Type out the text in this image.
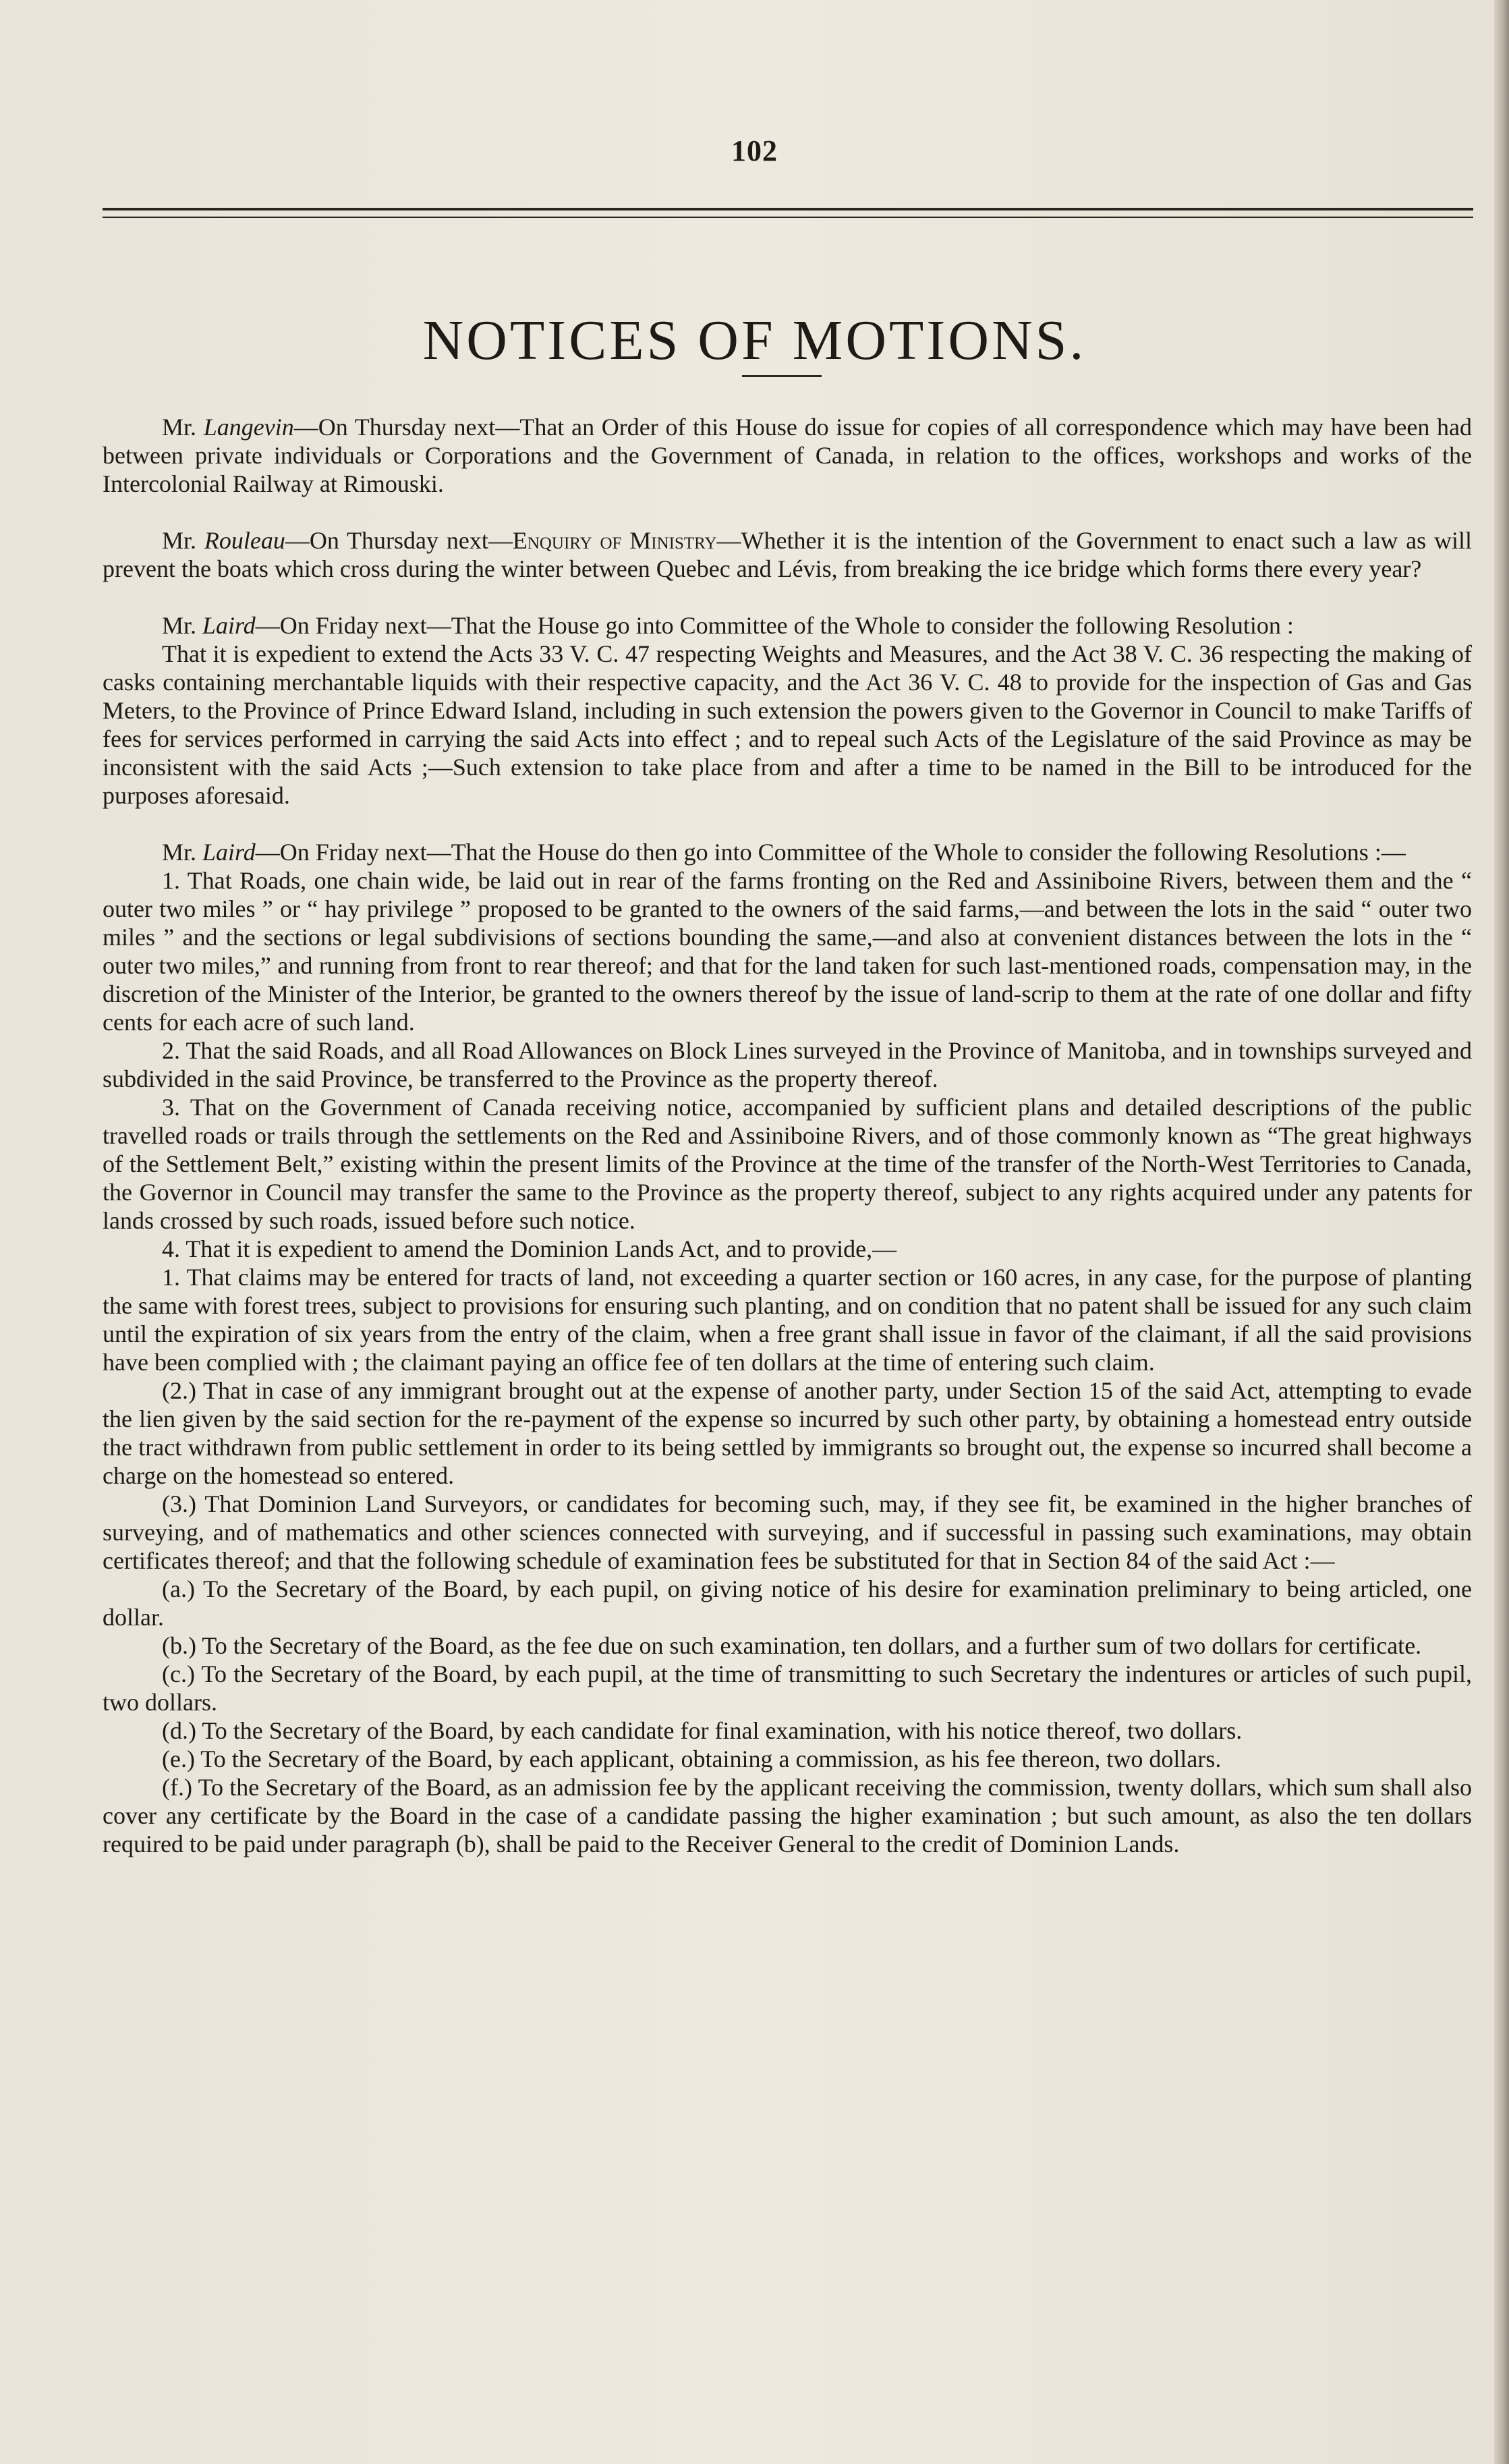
102
NOTICES OF MOTIONS.

Mr. Langevin—On Thursday next—That an Order of this House do issue for copies of all correspondence which may have been had between private individuals or Corporations and the Government of Canada, in relation to the offices, workshops and works of the Intercolonial Railway at Rimouski.

Mr. Rouleau—On Thursday next—Enquiry of Ministry—Whether it is the intention of the Government to enact such a law as will prevent the boats which cross during the winter between Quebec and Lévis, from breaking the ice bridge which forms there every year?

Mr. Laird—On Friday next—That the House go into Committee of the Whole to consider the following Resolution :

That it is expedient to extend the Acts 33 V. C. 47 respecting Weights and Measures, and the Act 38 V. C. 36 respecting the making of casks containing merchantable liquids with their respective capacity, and the Act 36 V. C. 48 to provide for the inspection of Gas and Gas Meters, to the Province of Prince Edward Island, including in such extension the powers given to the Governor in Council to make Tariffs of fees for services performed in carrying the said Acts into effect ; and to repeal such Acts of the Legislature of the said Province as may be inconsistent with the said Acts ;—Such extension to take place from and after a time to be named in the Bill to be introduced for the purposes aforesaid.

Mr. Laird—On Friday next—That the House do then go into Committee of the Whole to consider the following Resolutions :—

1. That Roads, one chain wide, be laid out in rear of the farms fronting on the Red and Assiniboine Rivers, between them and the “ outer two miles ” or “ hay privilege ” proposed to be granted to the owners of the said farms,—and between the lots in the said “ outer two miles ” and the sections or legal subdivisions of sections bounding the same,—and also at convenient distances between the lots in the “ outer two miles,” and running from front to rear thereof; and that for the land taken for such last-mentioned roads, compensation may, in the discretion of the Minister of the Interior, be granted to the owners thereof by the issue of land-scrip to them at the rate of one dollar and fifty cents for each acre of such land.

2. That the said Roads, and all Road Allowances on Block Lines surveyed in the Province of Manitoba, and in townships surveyed and subdivided in the said Province, be transferred to the Province as the property thereof.

3. That on the Government of Canada receiving notice, accompanied by sufficient plans and detailed descriptions of the public travelled roads or trails through the settlements on the Red and Assiniboine Rivers, and of those commonly known as “The great highways of the Settlement Belt,” existing within the present limits of the Province at the time of the transfer of the North-West Territories to Canada, the Governor in Council may transfer the same to the Province as the property thereof, subject to any rights acquired under any patents for lands crossed by such roads, issued before such notice.

4. That it is expedient to amend the Dominion Lands Act, and to provide,—

1. That claims may be entered for tracts of land, not exceeding a quarter section or 160 acres, in any case, for the purpose of planting the same with forest trees, subject to provisions for ensuring such planting, and on condition that no patent shall be issued for any such claim until the expiration of six years from the entry of the claim, when a free grant shall issue in favor of the claimant, if all the said provisions have been complied with ; the claimant paying an office fee of ten dollars at the time of entering such claim.

(2.) That in case of any immigrant brought out at the expense of another party, under Section 15 of the said Act, attempting to evade the lien given by the said section for the re-payment of the expense so incurred by such other party, by obtaining a homestead entry outside the tract withdrawn from public settlement in order to its being settled by immigrants so brought out, the expense so incurred shall become a charge on the homestead so entered.

(3.) That Dominion Land Surveyors, or candidates for becoming such, may, if they see fit, be examined in the higher branches of surveying, and of mathematics and other sciences connected with surveying, and if successful in passing such examinations, may obtain certificates thereof; and that the following schedule of examination fees be substituted for that in Section 84 of the said Act :—

(a.) To the Secretary of the Board, by each pupil, on giving notice of his desire for examination preliminary to being articled, one dollar.

(b.) To the Secretary of the Board, as the fee due on such examination, ten dollars, and a further sum of two dollars for certificate.

(c.) To the Secretary of the Board, by each pupil, at the time of transmitting to such Secretary the indentures or articles of such pupil, two dollars.

(d.) To the Secretary of the Board, by each candidate for final examination, with his notice thereof, two dollars.

(e.) To the Secretary of the Board, by each applicant, obtaining a commission, as his fee thereon, two dollars.

(f.) To the Secretary of the Board, as an admission fee by the applicant receiving the commission, twenty dollars, which sum shall also cover any certificate by the Board in the case of a candidate passing the higher examination ; but such amount, as also the ten dollars required to be paid under paragraph (b), shall be paid to the Receiver General to the credit of Dominion Lands.
